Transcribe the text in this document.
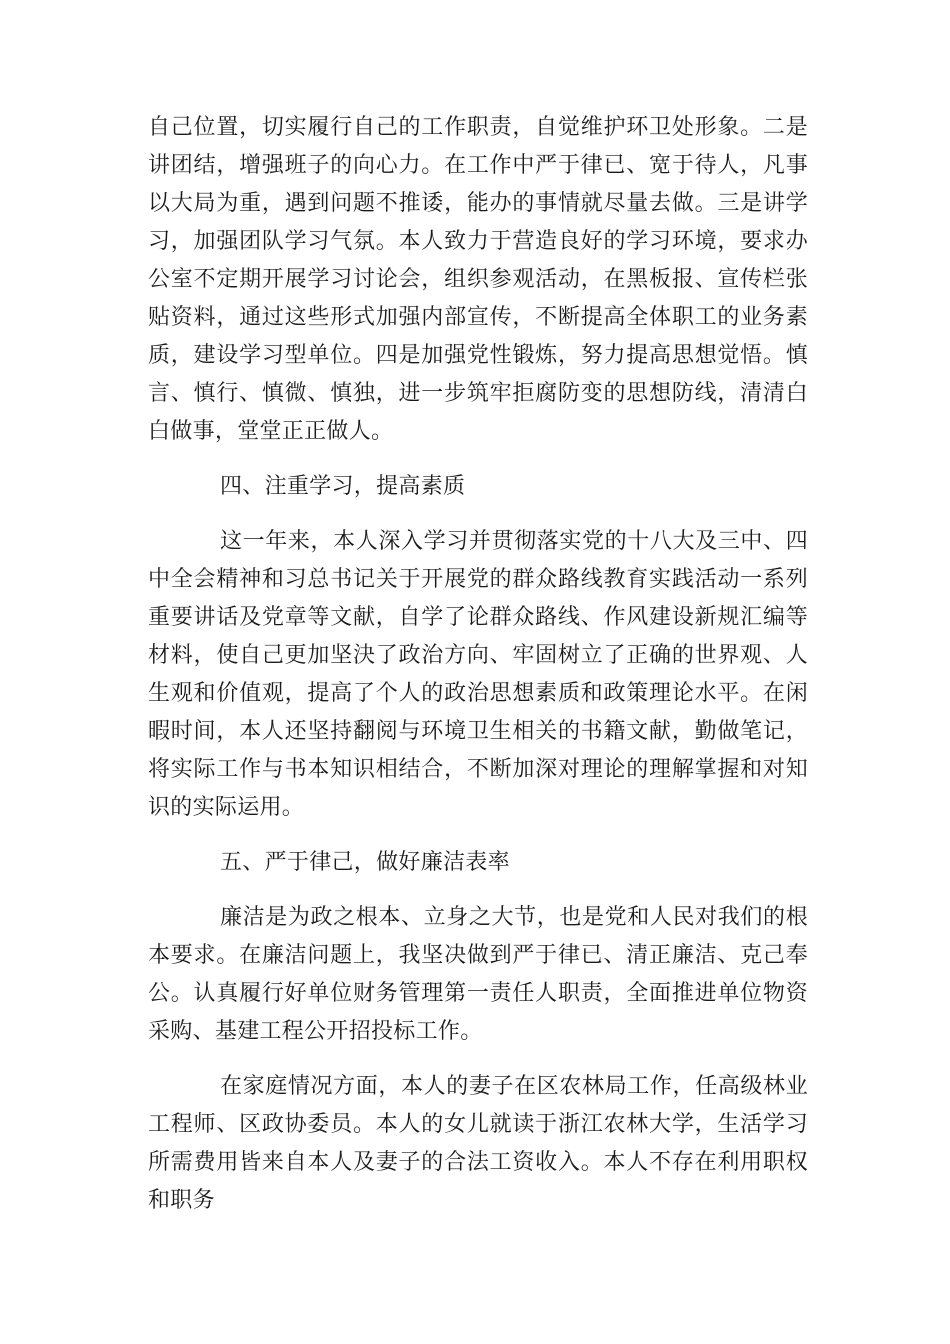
自己位置，切实履行自己的工作职责，自觉维护环卫处形象。二是讲团结，增强班子的向心力。在工作中严于律已、宽于待人，凡事以大局为重，遇到问题不推诿，能办的事情就尽量去做。三是讲学习，加强团队学习气氛。本人致力于营造良好的学习环境，要求办公室不定期开展学习讨论会，组织参观活动，在黑板报、宣传栏张贴资料，通过这些形式加强内部宣传，不断提高全体职工的业务素质，建设学习型单位。四是加强党性锻炼，努力提高思想觉悟。慎言、慎行、慎微、慎独，进一步筑牢拒腐防变的思想防线，清清白白做事，堂堂正正做人。

四、注重学习，提高素质

这一年来，本人深入学习并贯彻落实党的十八大及三中、四中全会精神和习总书记关于开展党的群众路线教育实践活动一系列重要讲话及党章等文献，自学了论群众路线、作风建设新规汇编等材料，使自己更加坚決了政治方向、牢固树立了正确的世界观、人生观和价值观，提高了个人的政治思想素质和政策理论水平。在闲暇时间，本人还坚持翻阅与环境卫生相关的书籍文献，勤做笔记，将实际工作与书本知识相结合，不断加深对理论的理解掌握和对知识的实际运用。

五、严于律己，做好廉洁表率

廉洁是为政之根本、立身之大节，也是党和人民对我们的根本要求。在廉洁问题上，我坚决做到严于律已、清正廉洁、克己奉公。认真履行好单位财务管理第一责任人职责，全面推进单位物资采购、基建工程公开招投标工作。

在家庭情况方面，本人的妻子在区农林局工作，任高级林业工程师、区政协委员。本人的女儿就读于浙江农林大学，生活学习所需费用皆来自本人及妻子的合法工资收入。本人不存在利用职权和职务
